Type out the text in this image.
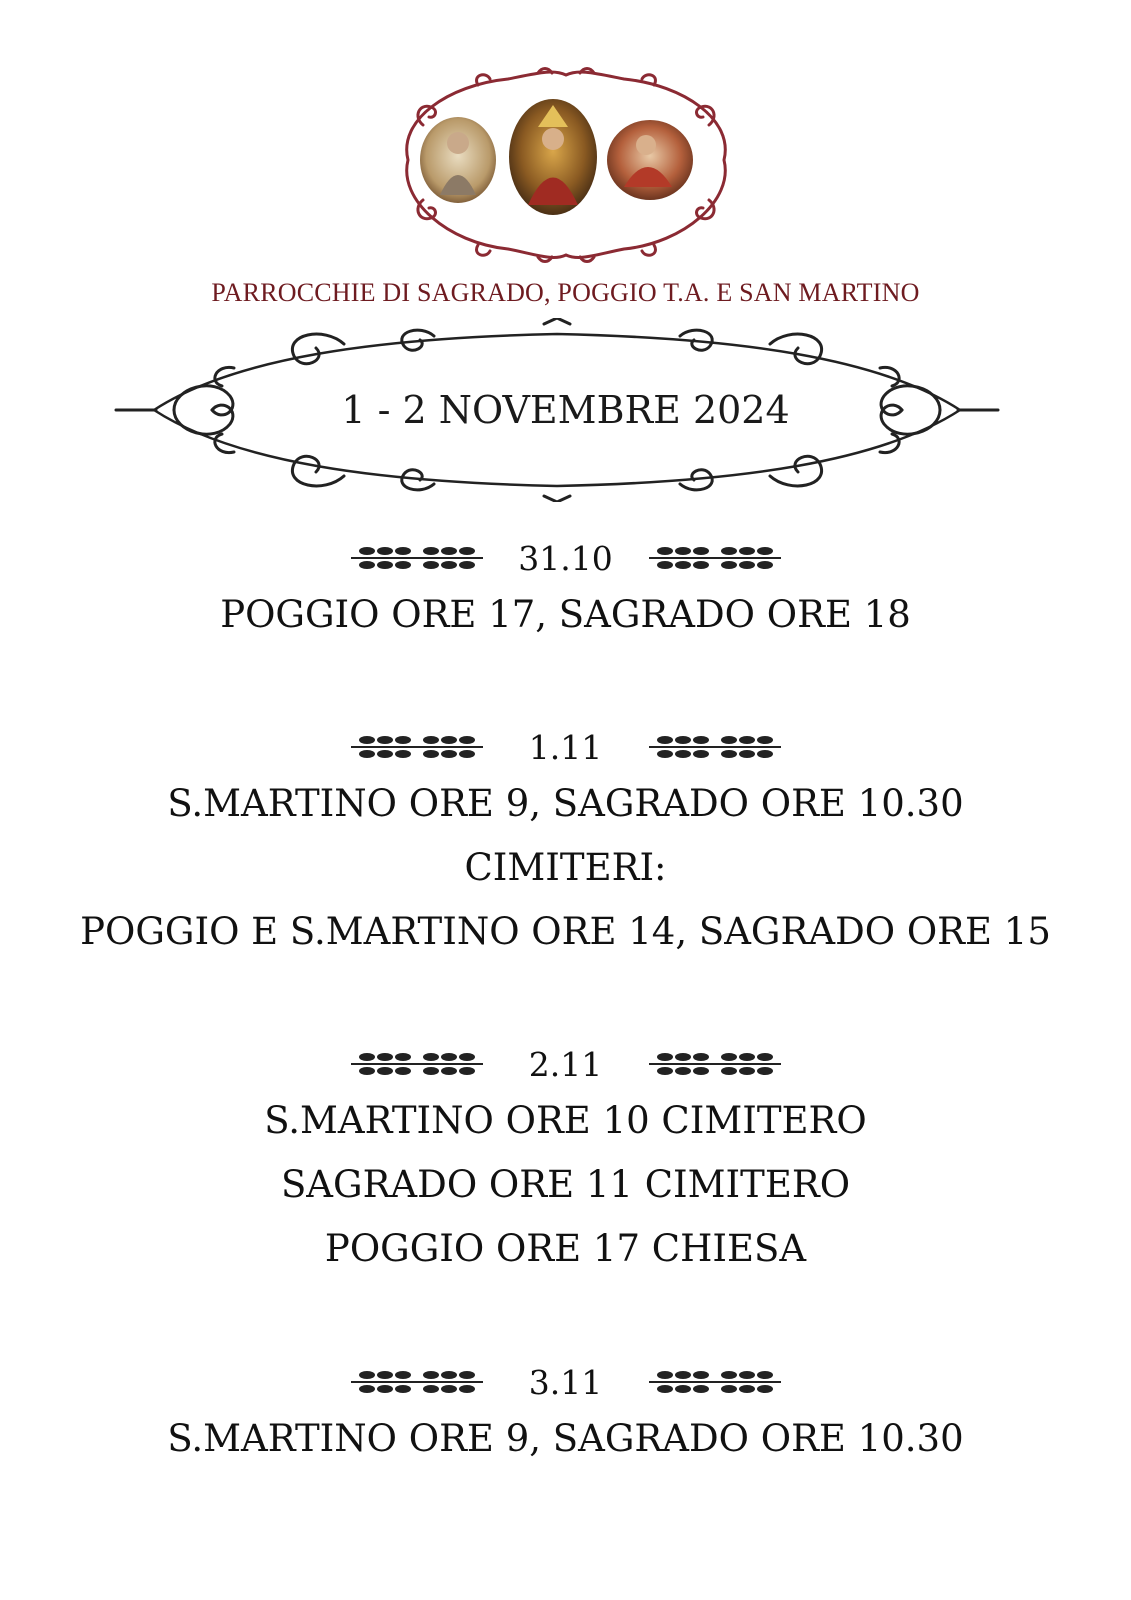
PARROCCHIE DI SAGRADO, POGGIO T.A. E SAN MARTINO
1 - 2 NOVEMBRE 2024
31.10
POGGIO ORE 17, SAGRADO ORE 18
1.11
S.MARTINO ORE 9, SAGRADO ORE 10.30
CIMITERI:
POGGIO E S.MARTINO ORE 14, SAGRADO ORE 15
2.11
S.MARTINO ORE 10 CIMITERO
SAGRADO ORE 11 CIMITERO
POGGIO ORE 17 CHIESA
3.11
S.MARTINO ORE 9, SAGRADO ORE 10.30
